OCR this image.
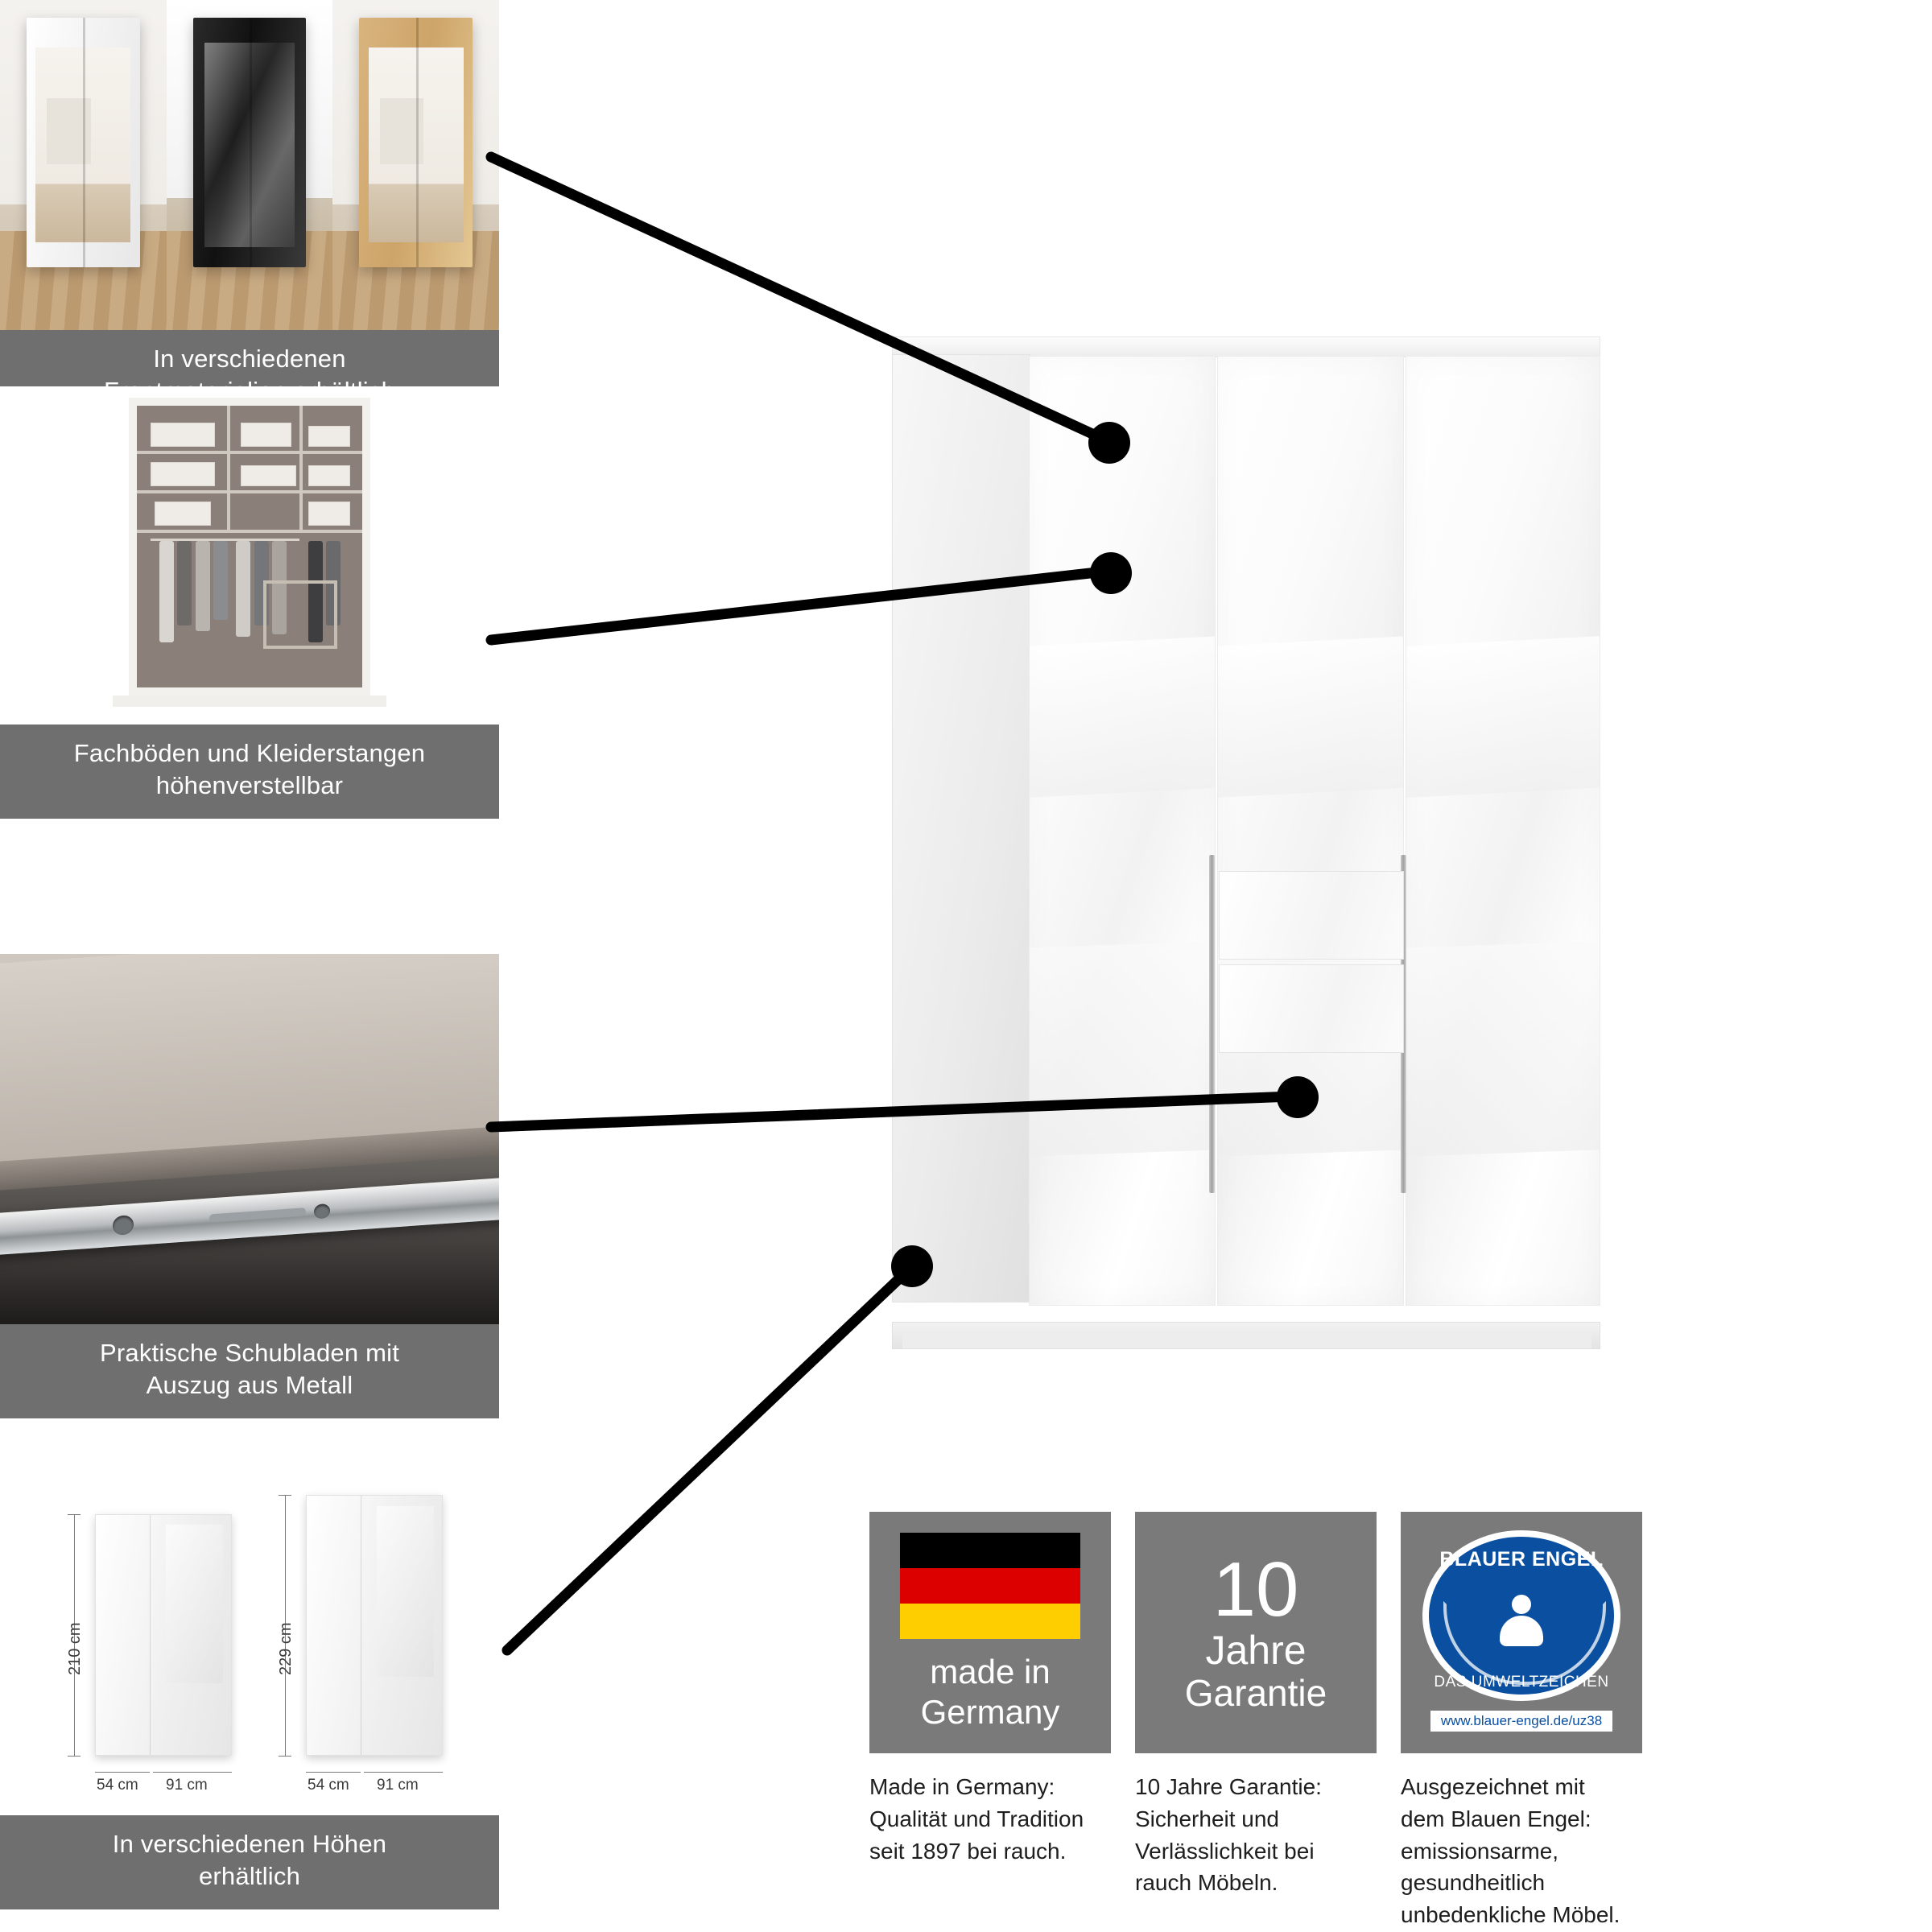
In verschiedenen
Fachböden und Kleiderstangen
höhenverstellbar
Praktische Schubladen mit
Auszug aus Metall
210 cm
54 cm 91 cm
229 cm
54 cm 91 cm
In verschiedenen Höhen
erhältlich
made in
Germany
Made in Germany:
Qualität und Tradition
seit 1897 bei rauch.
10
Jahre
Garantie
10 Jahre Garantie:
Sicherheit und
Verlässlichkeit bei
rauch Möbeln.
BLAUER ENGEL
DAS UMWELTZEICHEN
www.blauer-engel.de/uz38
Ausgezeichnet mit
dem Blauen Engel:
emissionsarme,
gesundheitlich
unbedenkliche Möbel.
